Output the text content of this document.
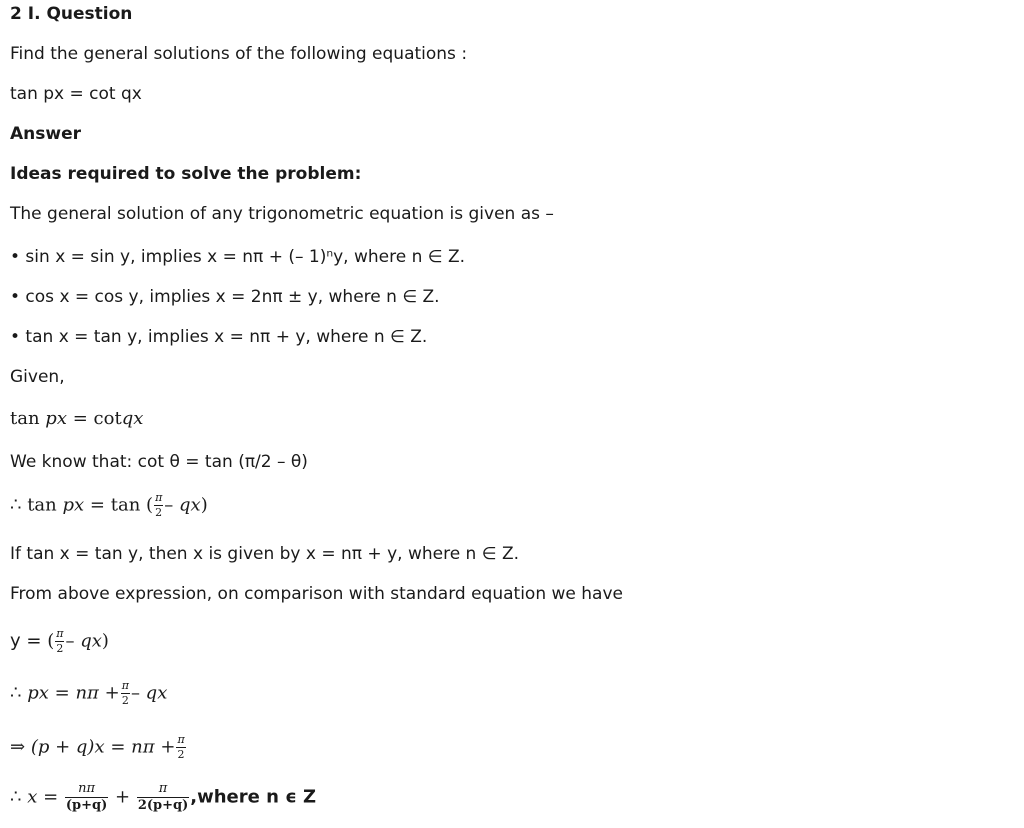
2 I. Question
Find the general solutions of the following equations :
tan px = cot qx
Answer
Ideas required to solve the problem:
The general solution of any trigonometric equation is given as –
• sin x = sin y, implies x = nπ + (– 1)ⁿy, where n ∈ Z.
• cos x = cos y, implies x = 2nπ ± y, where n ∈ Z.
• tan x = tan y, implies x = nπ + y, where n ∈ Z.
Given,
tan px = cotqx
We know that: cot θ = tan (π/2 – θ)
∴ tan px = tan ( $\frac{\pi}{2} - qx$)
If tan x = tan y, then x is given by x = nπ + y, where n ∈ Z.
From above expression, on comparison with standard equation we have
y = ( $\frac{\pi}{2} - qx$)
∴ px = $n\pi + \frac{\pi}{2}$ – qx
⇒ $(p + q)x = n\pi + \frac{\pi}{2}$
∴ $x = \frac{n\pi}{(p+q)} + \frac{\pi}{2(p+q)}$ ,where n ϵ Z
